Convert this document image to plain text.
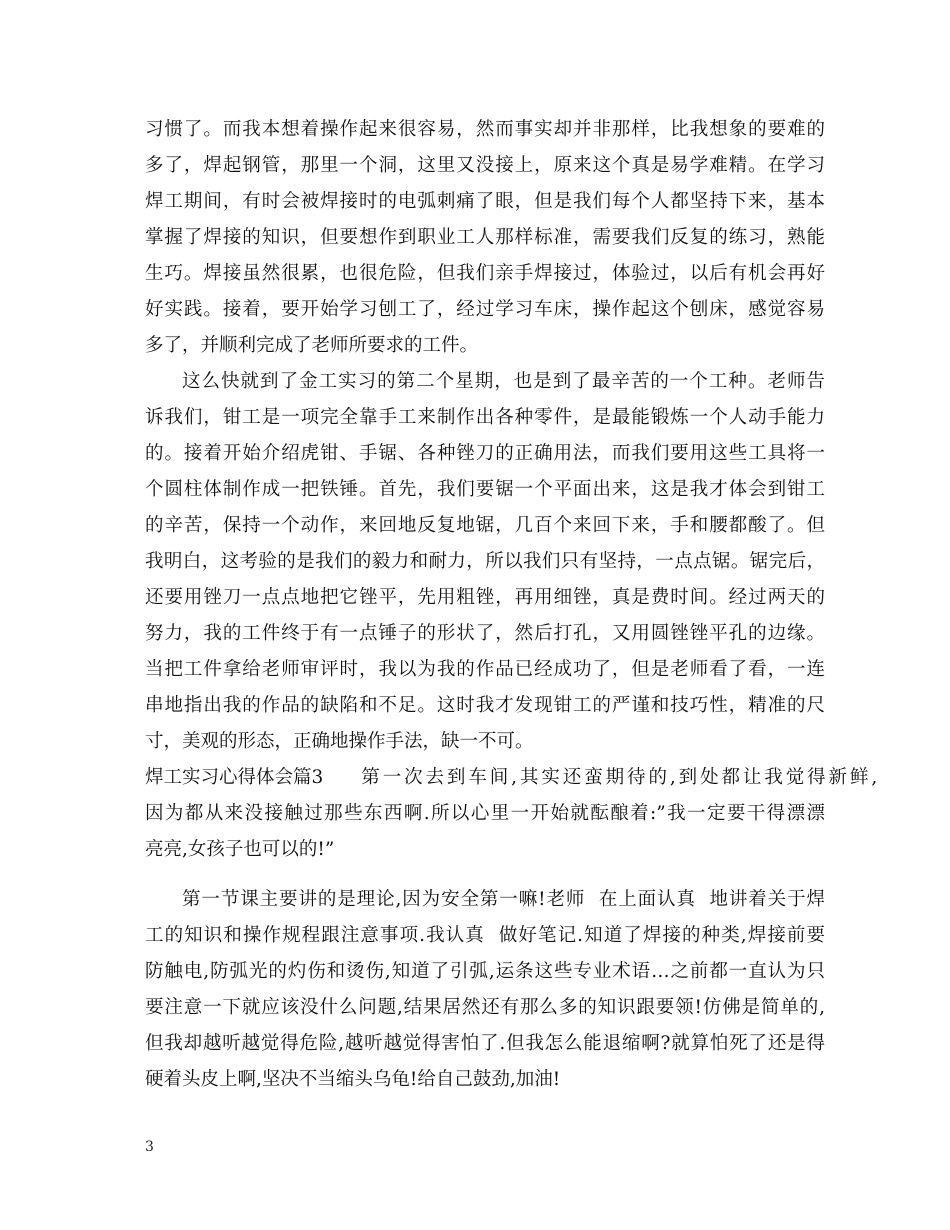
习惯了。而我本想着操作起来很容易，然而事实却并非那样，比我想象的要难的
多了，焊起钢管，那里一个洞，这里又没接上，原来这个真是易学难精。在学习
焊工期间，有时会被焊接时的电弧刺痛了眼，但是我们每个人都坚持下来，基本
掌握了焊接的知识，但要想作到职业工人那样标准，需要我们反复的练习，熟能
生巧。焊接虽然很累，也很危险，但我们亲手焊接过，体验过，以后有机会再好
好实践。接着，要开始学习刨工了，经过学习车床，操作起这个刨床，感觉容易
多了，并顺利完成了老师所要求的工件。
这么快就到了金工实习的第二个星期，也是到了最辛苦的一个工种。老师告
诉我们，钳工是一项完全靠手工来制作出各种零件，是最能锻炼一个人动手能力
的。接着开始介绍虎钳、手锯、各种锉刀的正确用法，而我们要用这些工具将一
个圆柱体制作成一把铁锤。首先，我们要锯一个平面出来，这是我才体会到钳工
的辛苦，保持一个动作，来回地反复地锯，几百个来回下来，手和腰都酸了。但
我明白，这考验的是我们的毅力和耐力，所以我们只有坚持，一点点锯。锯完后，
还要用锉刀一点点地把它锉平，先用粗锉，再用细锉，真是费时间。经过两天的
努力，我的工件终于有一点锤子的形状了，然后打孔，又用圆锉锉平孔的边缘。
当把工件拿给老师审评时，我以为我的作品已经成功了，但是老师看了看，一连
串地指出我的作品的缺陷和不足。这时我才发现钳工的严谨和技巧性，精准的尺
寸，美观的形态，正确地操作手法，缺一不可。
焊工实习心得体会篇3 第一次去到车间,其实还蛮期待的,到处都让我觉得新鲜,
因为都从来没接触过那些东西啊.所以心里一开始就酝酿着:”我一定要干得漂漂
亮亮,女孩子也可以的!”
第一节课主要讲的是理论,因为安全第一嘛!老师  在上面认真  地讲着关于焊
工的知识和操作规程跟注意事项.我认真  做好笔记.知道了焊接的种类,焊接前要
防触电,防弧光的灼伤和烫伤,知道了引弧,运条这些专业术语…之前都一直认为只
要注意一下就应该没什么问题,结果居然还有那么多的知识跟要领!仿佛是简单的,
但我却越听越觉得危险,越听越觉得害怕了.但我怎么能退缩啊?就算怕死了还是得
硬着头皮上啊,坚决不当缩头乌龟!给自己鼓劲,加油!
3
